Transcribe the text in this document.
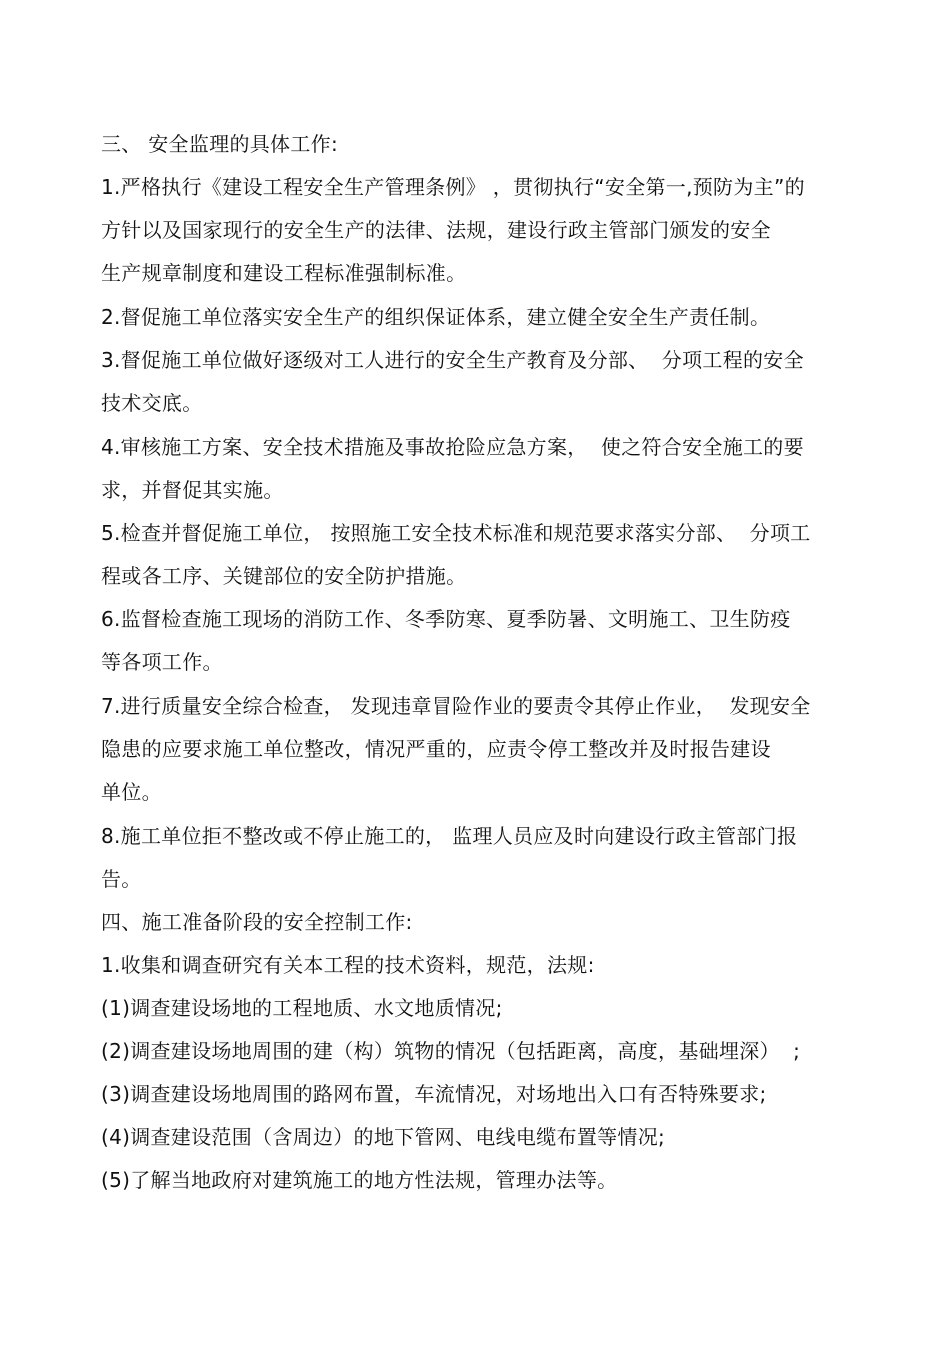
三、 安全监理的具体工作:
1.严格执行《建设工程安全生产管理条例》 ，贯彻执行“安全第一,预防为主”的
方针以及国家现行的安全生产的法律、法规，建设行政主管部门颁发的安全
生产规章制度和建设工程标准强制标准。
2.督促施工单位落实安全生产的组织保证体系，建立健全安全生产责任制。
3.督促施工单位做好逐级对工人进行的安全生产教育及分部、  分项工程的安全
技术交底。
4.审核施工方案、安全技术措施及事故抢险应急方案，  使之符合安全施工的要
求，并督促其实施。
5.检查并督促施工单位， 按照施工安全技术标准和规范要求落实分部、  分项工
程或各工序、关键部位的安全防护措施。
6.监督检查施工现场的消防工作、冬季防寒、夏季防暑、文明施工、卫生防疫
等各项工作。
7.进行质量安全综合检查， 发现违章冒险作业的要责令其停止作业，  发现安全
隐患的应要求施工单位整改，情况严重的，应责令停工整改并及时报告建设
单位。
8.施工单位拒不整改或不停止施工的， 监理人员应及时向建设行政主管部门报
告。
四、施工准备阶段的安全控制工作:
1.收集和调查研究有关本工程的技术资料，规范，法规:
(1)调查建设场地的工程地质、水文地质情况;
(2)调查建设场地周围的建（构）筑物的情况（包括距离，高度，基础埋深）  ;
(3)调查建设场地周围的路网布置，车流情况，对场地出入口有否特殊要求;
(4)调查建设范围（含周边）的地下管网、电线电缆布置等情况;
(5)了解当地政府对建筑施工的地方性法规，管理办法等。
